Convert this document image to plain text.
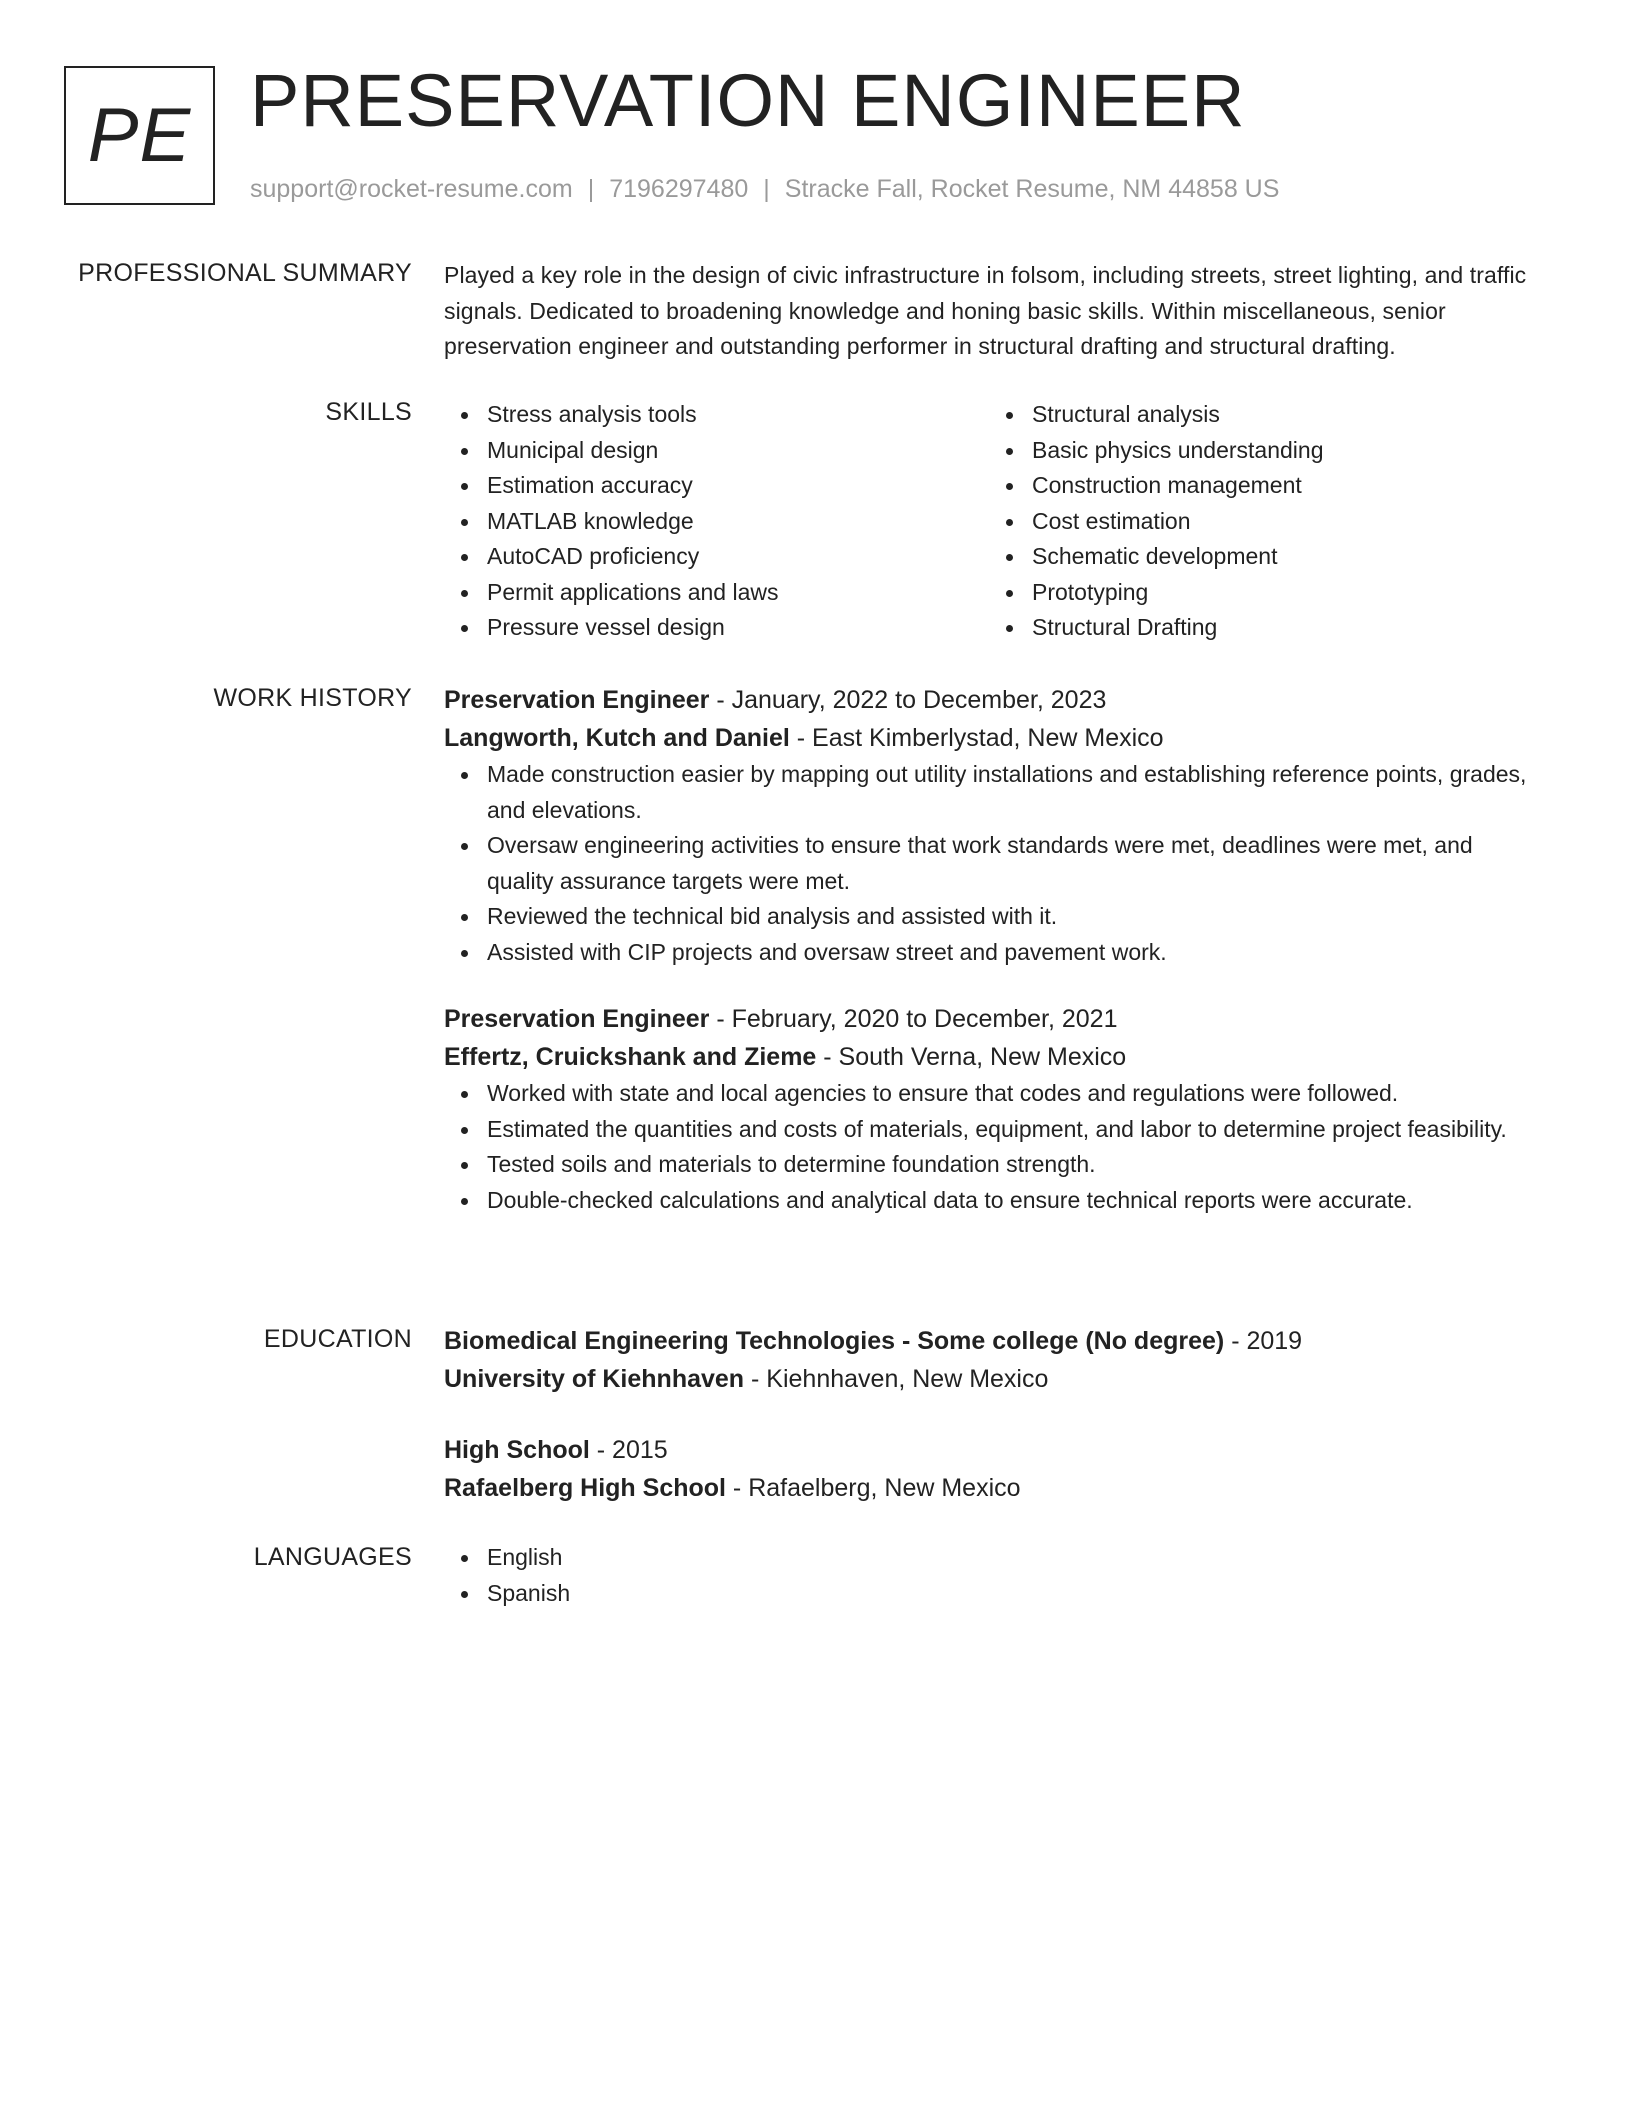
PE PRESERVATION ENGINEER
support@rocket-resume.com | 7196297480 | Stracke Fall, Rocket Resume, NM 44858 US
PROFESSIONAL SUMMARY Played a key role in the design of civic infrastructure in folsom, including streets, street lighting, and traffic signals. Dedicated to broadening knowledge and honing basic skills. Within miscellaneous, senior preservation engineer and outstanding performer in structural drafting and structural drafting.

SKILLS	Stress analysis tools
Municipal design
Estimation accuracy
MATLAB knowledge
AutoCAD proficiency
Permit applications and laws
Pressure vessel design
Structural analysis
Basic physics understanding
Construction management
Cost estimation
Schematic development
Prototyping
Structural Drafting
WORK HISTORY Preservation Engineer - January, 2022 to December, 2023
Langworth, Kutch and Daniel - East Kimberlystad, New Mexico
Made construction easier by mapping out utility installations and establishing reference points, grades, and elevations.
Oversaw engineering activities to ensure that work standards were met, deadlines were met, and quality assurance targets were met.
Reviewed the technical bid analysis and assisted with it.
Assisted with CIP projects and oversaw street and pavement work.
Preservation Engineer - February, 2020 to December, 2021
Effertz, Cruickshank and Zieme - South Verna, New Mexico
Worked with state and local agencies to ensure that codes and regulations were followed.
Estimated the quantities and costs of materials, equipment, and labor to determine project feasibility.
Tested soils and materials to determine foundation strength.
Double-checked calculations and analytical data to ensure technical reports were accurate.
EDUCATION Biomedical Engineering Technologies - Some college (No degree) - 2019
University of Kiehnhaven - Kiehnhaven, New Mexico
High School - 2015
Rafaelberg High School - Rafaelberg, New Mexico
LANGUAGES	English
Spanish
